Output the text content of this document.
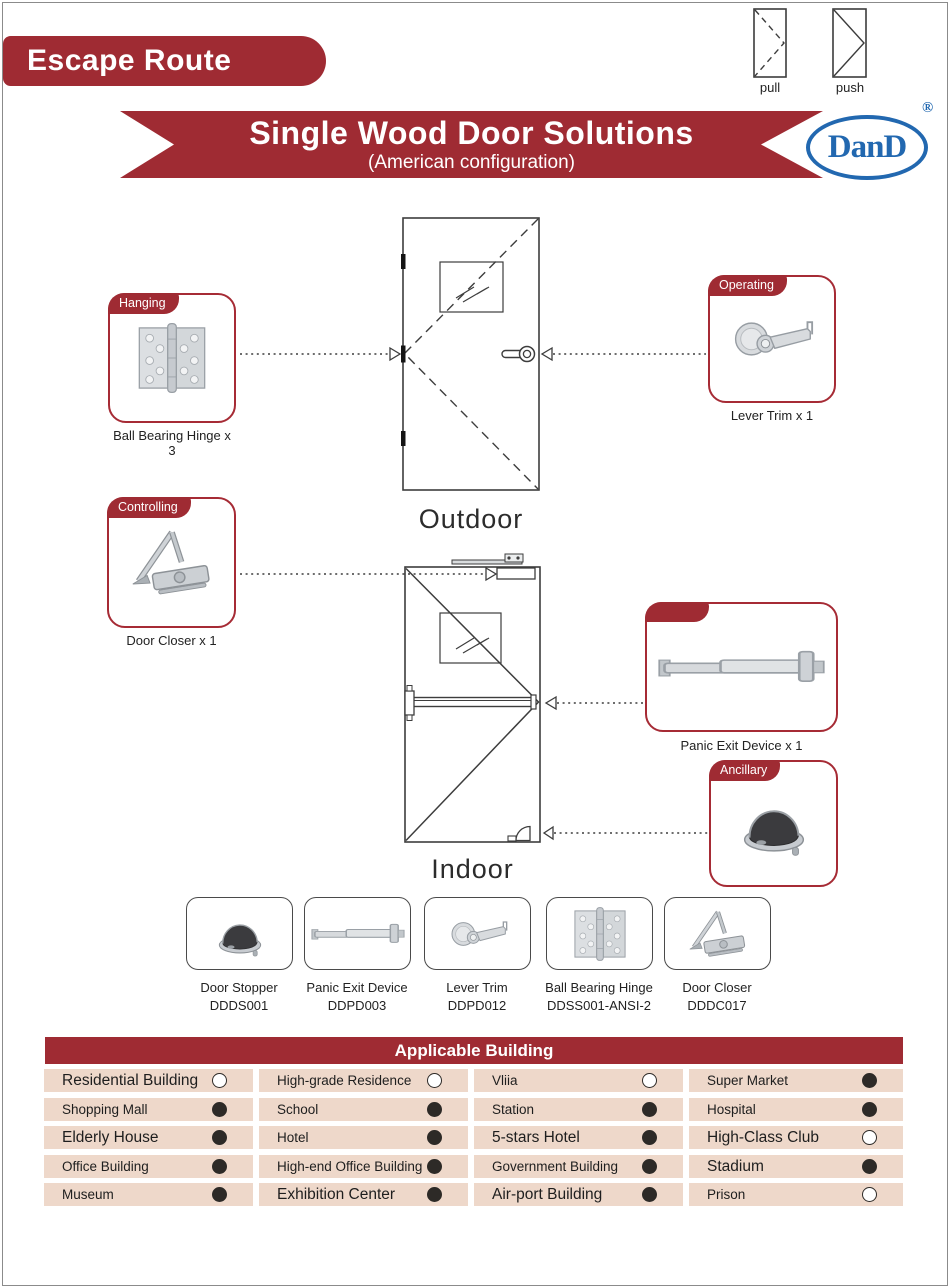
Escape Route
pull	push
Single Wood Door Solutions
(American configuration)	DanD
®
Outdoor
Indoor
Hanging
Ball Bearing Hinge x 3
Operating
Lever Trim x 1
Controlling
Door Closer x 1
Panic Exit Device x 1
Ancillary
Door Stopper
DDDS001
Panic Exit Device
DDPD003
Lever Trim
DDPD012
Ball Bearing Hinge
DDSS001-ANSI-2
Door Closer
DDDC017
Applicable Building
Residential Building
Shopping Mall
Elderly House
Office Building
Museum
High-grade Residence
School
Hotel
High-end Office Building
Exhibition Center
Vliia
Station
5-stars Hotel
Government Building
Air-port Building
Super Market
Hospital
High-Class Club
Stadium
Prison
